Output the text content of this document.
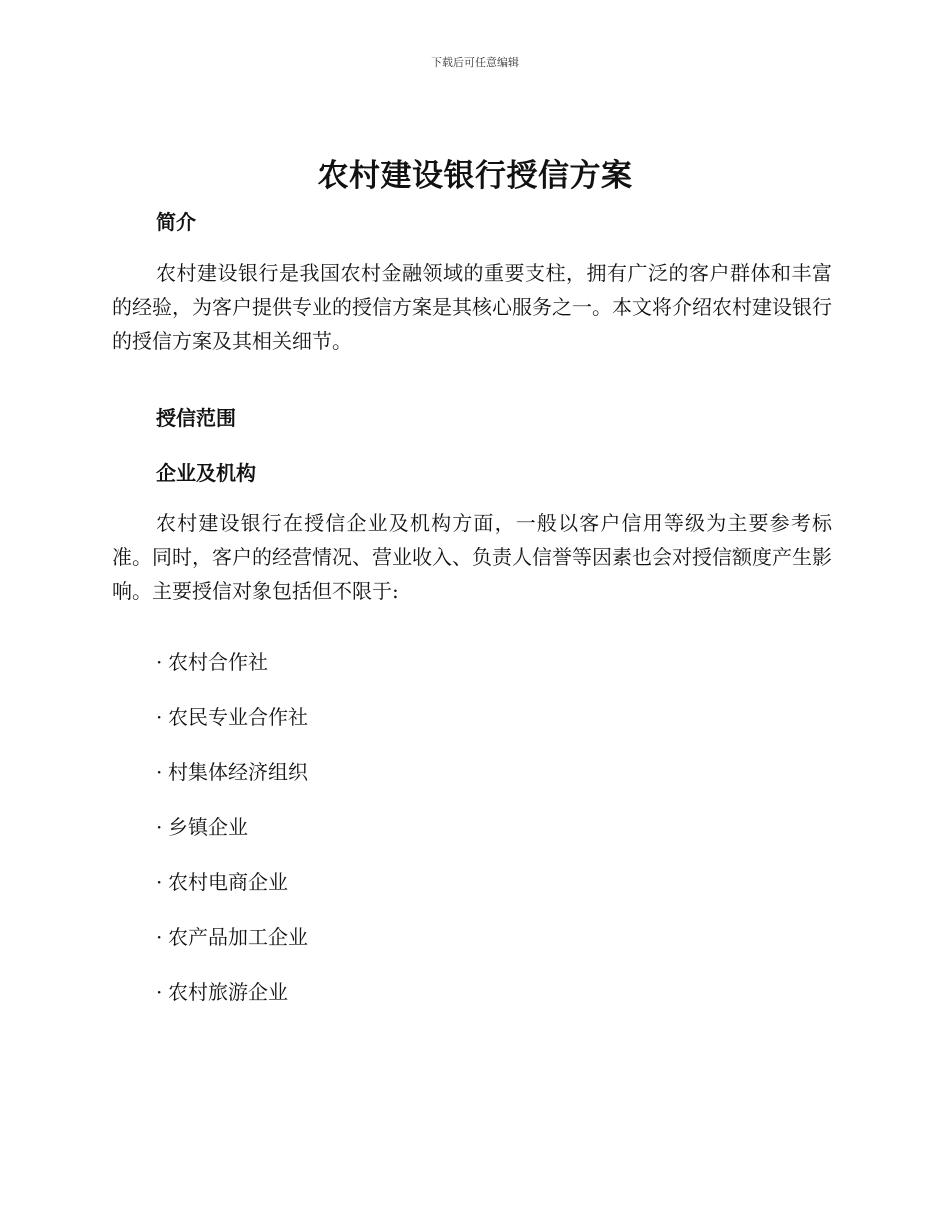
下载后可任意编辑
农村建设银行授信方案
简介
农村建设银行是我国农村金融领域的重要支柱，拥有广泛的客户群体和丰富的经验，为客户提供专业的授信方案是其核心服务之一。本文将介绍农村建设银行的授信方案及其相关细节。
授信范围
企业及机构
农村建设银行在授信企业及机构方面，一般以客户信用等级为主要参考标准。同时，客户的经营情况、营业收入、负责人信誉等因素也会对授信额度产生影响。主要授信对象包括但不限于:
· 农村合作社
· 农民专业合作社
· 村集体经济组织
· 乡镇企业
· 农村电商企业
· 农产品加工企业
· 农村旅游企业
